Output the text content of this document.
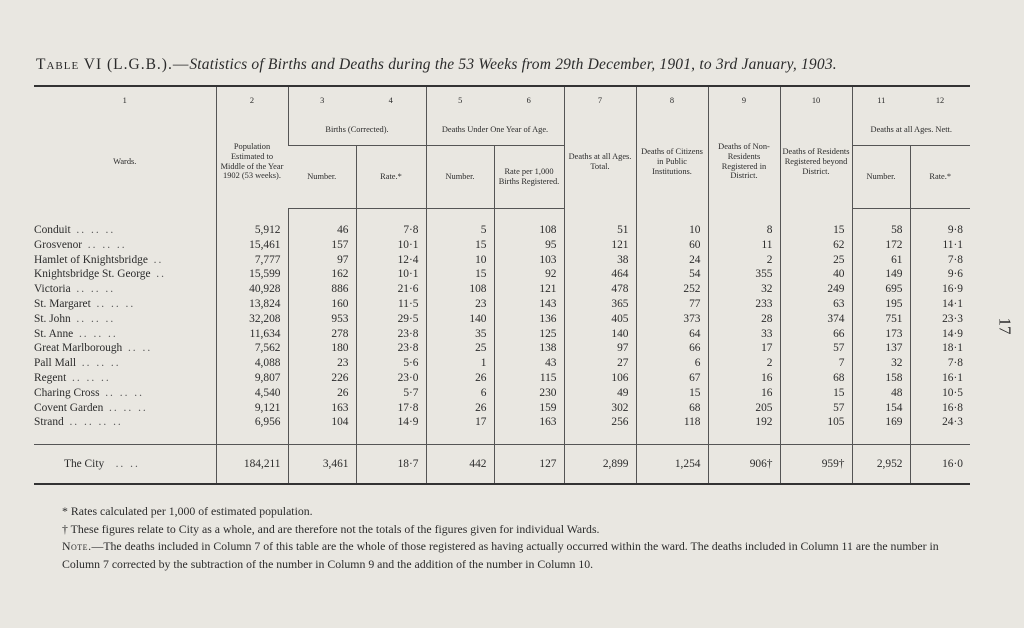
Table VI (L.G.B.).—Statistics of Births and Deaths during the 53 Weeks from 29th December, 1901, to 3rd January, 1903.
17
1	2	3	4	5	6	7	8	9	10	11	12
Wards.	Population Estimated to Middle of the Year 1902 (53 weeks).	Births (Corrected).		Deaths Under One Year of Age.		Deaths at all Ages. Total.	Deaths of Citizens in Public Institutions.	Deaths of Non-Residents Registered in District.	Deaths of Residents Registered beyond District.	Deaths at all Ages. Nett.	
		Number.	Rate.*	Number.	Rate per 1,000 Births Registered.					Number.	Rate.*

Conduit .. .. ..	5,912	46	7·8	5	108	51	10	8	15	58	9·8
Grosvenor .. .. ..	15,461	157	10·1	15	95	121	60	11	62	172	11·1
Hamlet of Knightsbridge ..	7,777	97	12·4	10	103	38	24	2	25	61	7·8
Knightsbridge St. George ..	15,599	162	10·1	15	92	464	54	355	40	149	9·6
Victoria .. .. ..	40,928	886	21·6	108	121	478	252	32	249	695	16·9
St. Margaret .. .. ..	13,824	160	11·5	23	143	365	77	233	63	195	14·1
St. John .. .. ..	32,208	953	29·5	140	136	405	373	28	374	751	23·3
St. Anne .. .. ..	11,634	278	23·8	35	125	140	64	33	66	173	14·9
Great Marlborough .. ..	7,562	180	23·8	25	138	97	66	17	57	137	18·1
Pall Mall .. .. ..	4,088	23	5·6	1	43	27	6	2	7	32	7·8
Regent .. .. ..	9,807	226	23·0	26	115	106	67	16	68	158	16·1
Charing Cross .. .. ..	4,540	26	5·7	6	230	49	15	16	15	48	10·5
Covent Garden .. .. ..	9,121	163	17·8	26	159	302	68	205	57	154	16·8
Strand .. .. .. ..	6,956	104	14·9	17	163	256	118	192	105	169	24·3

The City .. ..	184,211	3,461	18·7	442	127	2,899	1,254	906†	959†	2,952	16·0
* Rates calculated per 1,000 of estimated population.
† These figures relate to City as a whole, and are therefore not the totals of the figures given for individual Wards.
Note.—The deaths included in Column 7 of this table are the whole of those registered as having actually occurred within the ward. The deaths included in Column 11 are the number in Column 7 corrected by the subtraction of the number in Column 9 and the addition of the number in Column 10.
